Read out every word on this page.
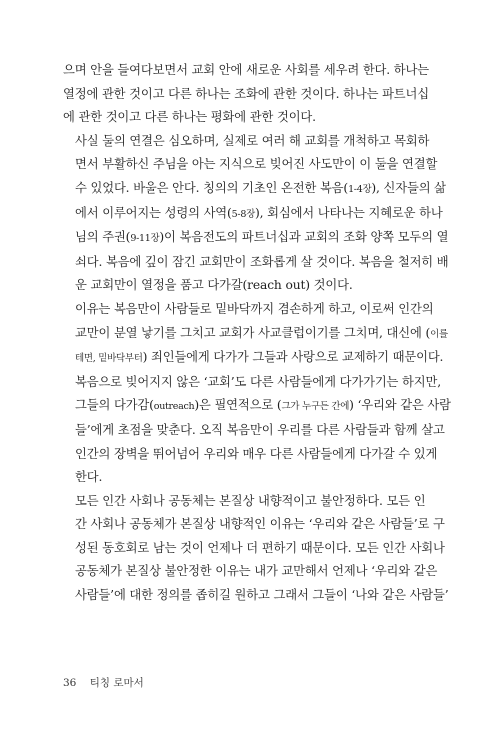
으며 안을 들여다보면서 교회 안에 새로운 사회를 세우려 한다. 하나는
열정에 관한 것이고 다른 하나는 조화에 관한 것이다. 하나는 파트너십
에 관한 것이고 다른 하나는 평화에 관한 것이다.

사실 둘의 연결은 심오하며, 실제로 여러 해 교회를 개척하고 목회하
면서 부활하신 주님을 아는 지식으로 빚어진 사도만이 이 둘을 연결할
수 있었다. 바울은 안다. 칭의의 기초인 온전한 복음(1-4장), 신자들의 삶
에서 이루어지는 성령의 사역(5-8장), 회심에서 나타나는 지혜로운 하나
님의 주권(9-11장)이 복음전도의 파트너십과 교회의 조화 양쪽 모두의 열
쇠다. 복음에 깊이 잠긴 교회만이 조화롭게 살 것이다. 복음을 철저히 배
운 교회만이 열정을 품고 다가갈(reach out) 것이다.

이유는 복음만이 사람들로 밑바닥까지 겸손하게 하고, 이로써 인간의
교만이 분열 낳기를 그치고 교회가 사교클럽이기를 그치며, 대신에 (이를
테면, 밑바닥부터) 죄인들에게 다가가 그들과 사랑으로 교제하기 때문이다.
복음으로 빚어지지 않은 ‘교회’도 다른 사람들에게 다가가기는 하지만,
그들의 다가감(outreach)은 필연적으로 (그가 누구든 간에) ‘우리와 같은 사람
들’에게 초점을 맞춘다. 오직 복음만이 우리를 다른 사람들과 함께 살고
인간의 장벽을 뛰어넘어 우리와 매우 다른 사람들에게 다가갈 수 있게
한다.

모든 인간 사회나 공동체는 본질상 내향적이고 불안정하다. 모든 인
간 사회나 공동체가 본질상 내향적인 이유는 ‘우리와 같은 사람들’로 구
성된 동호회로 남는 것이 언제나 더 편하기 때문이다. 모든 인간 사회나
공동체가 본질상 불안정한 이유는 내가 교만해서 언제나 ‘우리와 같은
사람들’에 대한 정의를 좁히길 원하고 그래서 그들이 ‘나와 같은 사람들’

36 티칭 로마서
